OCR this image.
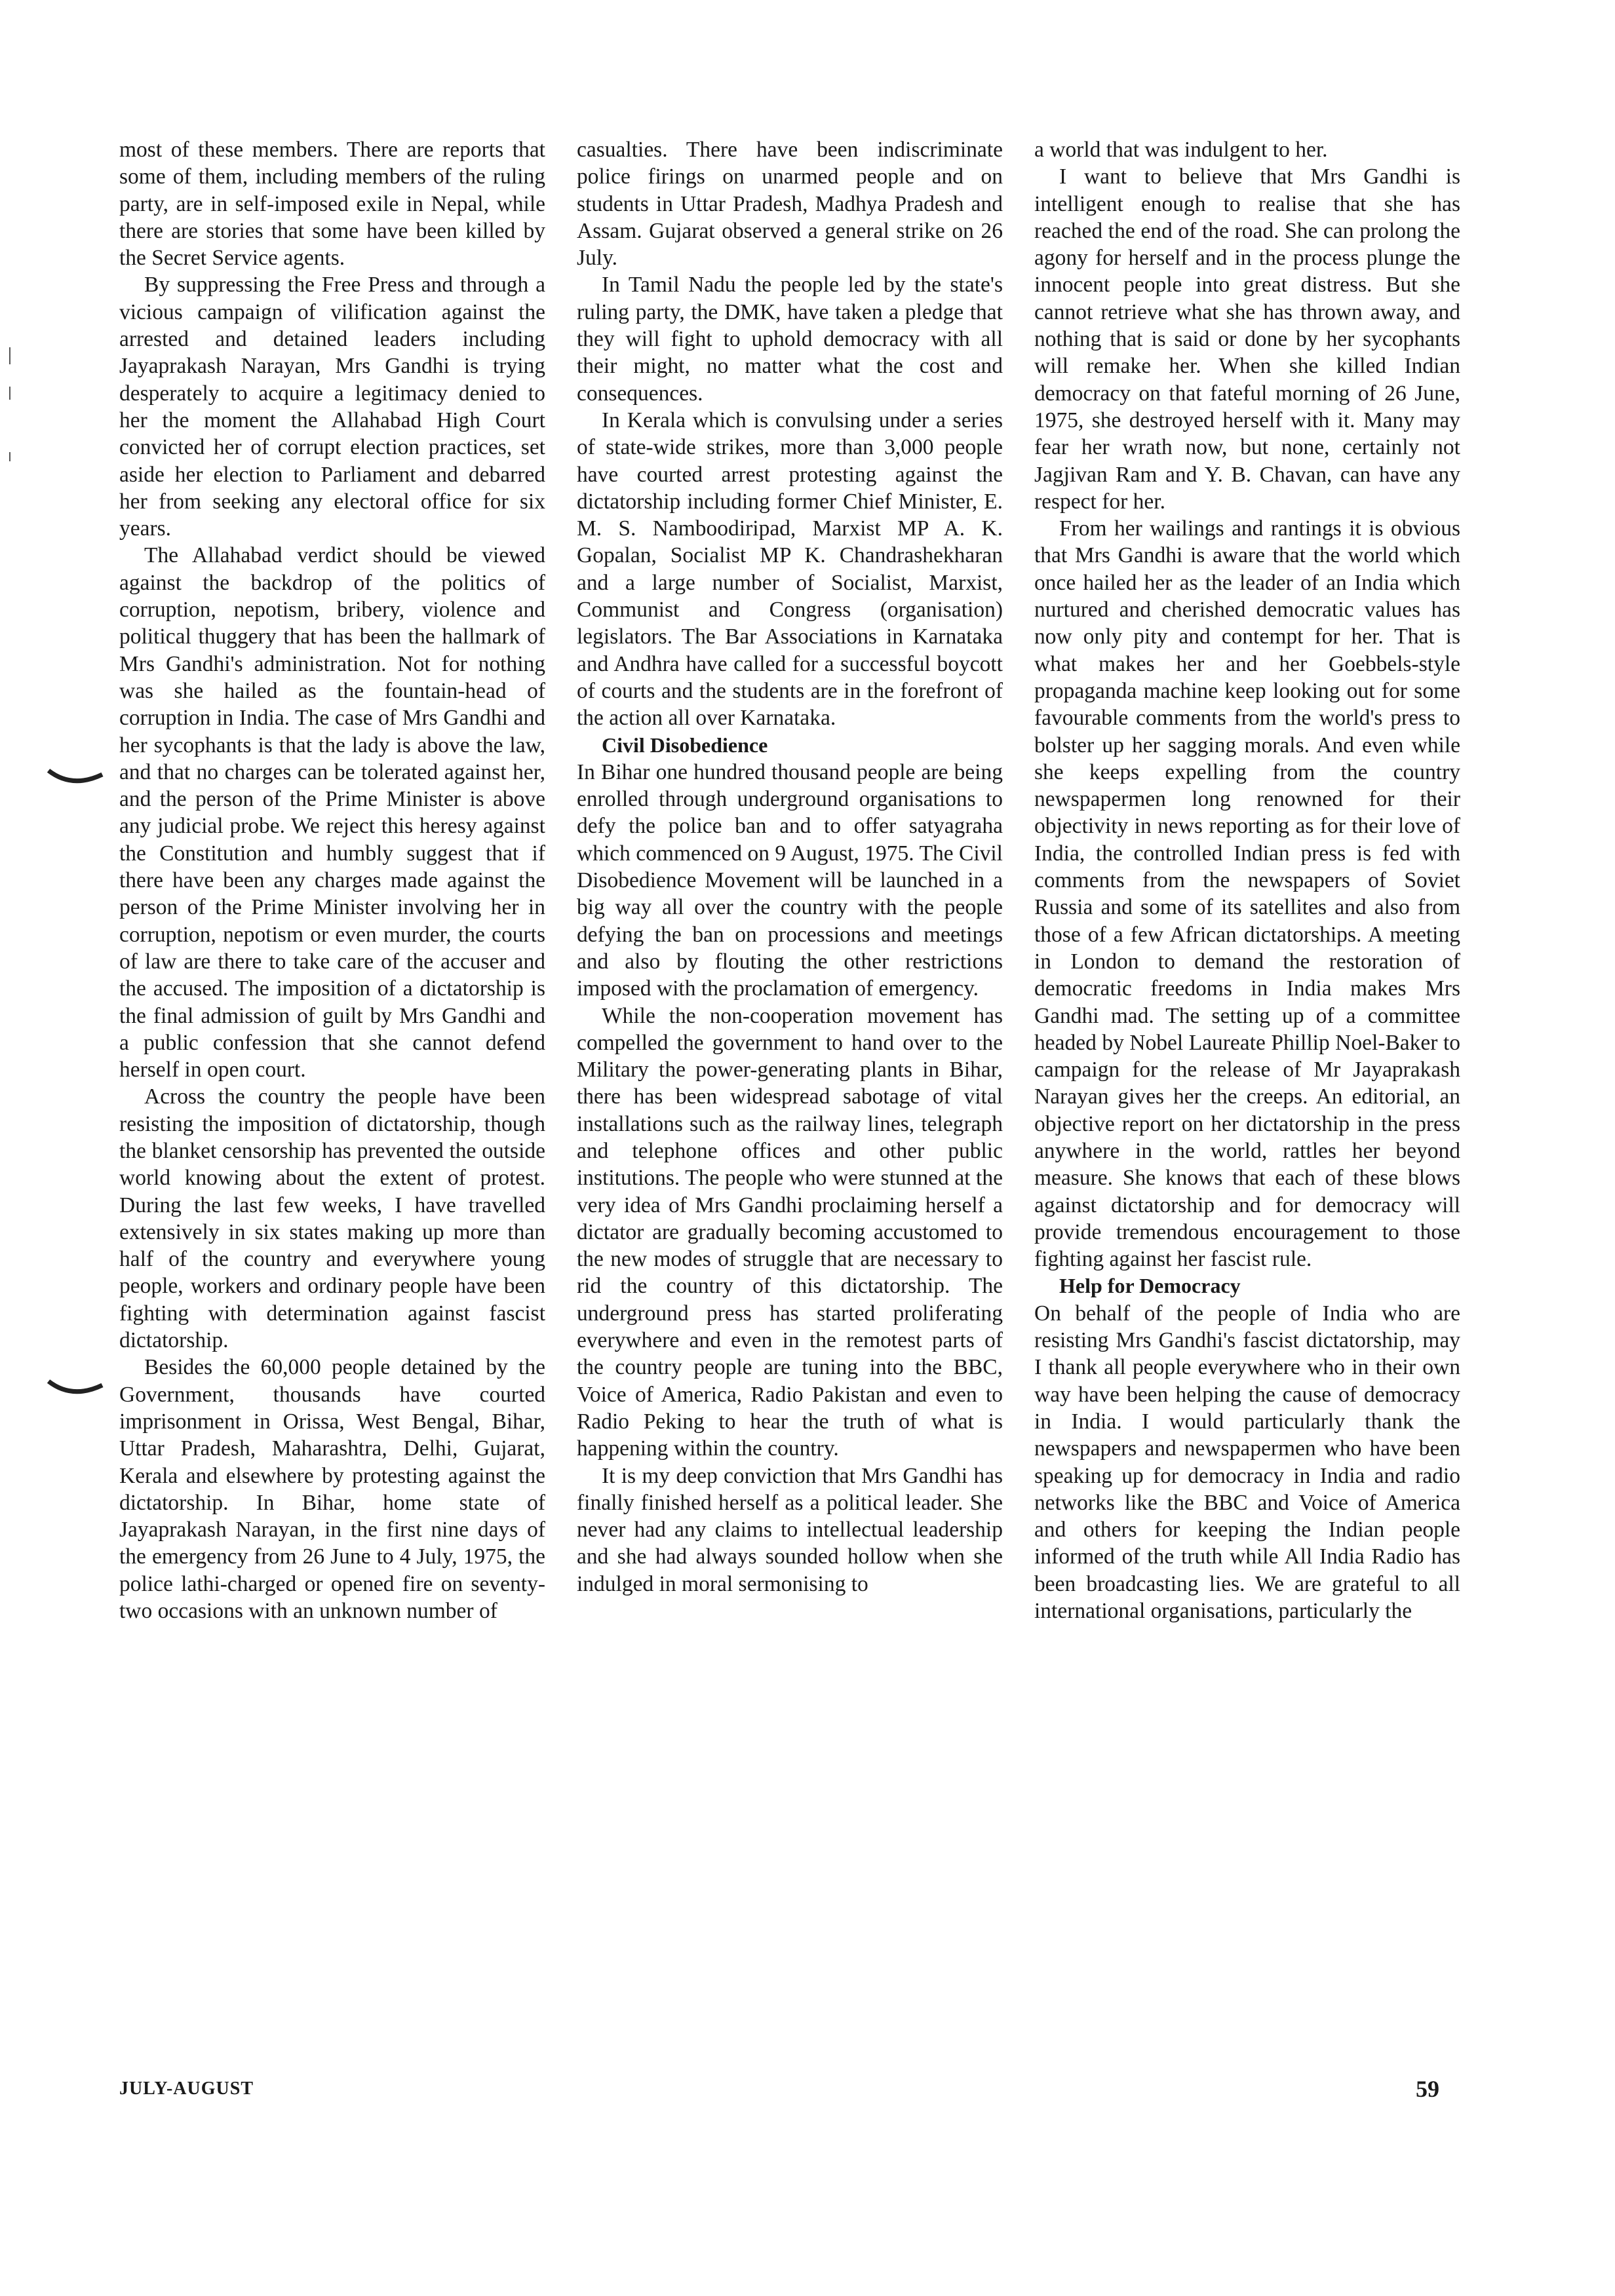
most of these members. There are reports that some of them, including members of the ruling party, are in self-imposed exile in Nepal, while there are stories that some have been killed by the Secret Service agents.

By suppressing the Free Press and through a vicious campaign of vilification against the arrested and detained leaders including Jayaprakash Narayan, Mrs Gandhi is trying desperately to acquire a legitimacy denied to her the moment the Allahabad High Court convicted her of corrupt election practices, set aside her election to Parliament and debarred her from seeking any electoral office for six years.

The Allahabad verdict should be viewed against the backdrop of the politics of corruption, nepotism, bribery, violence and political thuggery that has been the hallmark of Mrs Gandhi's administration. Not for nothing was she hailed as the fountain-head of corruption in India. The case of Mrs Gandhi and her sycophants is that the lady is above the law, and that no charges can be tolerated against her, and the person of the Prime Minister is above any judicial probe. We reject this heresy against the Constitution and humbly suggest that if there have been any charges made against the person of the Prime Minister involving her in corruption, nepotism or even murder, the courts of law are there to take care of the accuser and the accused. The imposition of a dictatorship is the final admission of guilt by Mrs Gandhi and a public confession that she cannot defend herself in open court.

Across the country the people have been resisting the imposition of dictatorship, though the blanket censorship has prevented the outside world knowing about the extent of protest. During the last few weeks, I have travelled extensively in six states making up more than half of the country and everywhere young people, workers and ordinary people have been fighting with determination against fascist dictatorship.

Besides the 60,000 people detained by the Government, thousands have courted imprisonment in Orissa, West Bengal, Bihar, Uttar Pradesh, Maharashtra, Delhi, Gujarat, Kerala and elsewhere by protesting against the dictatorship. In Bihar, home state of Jayaprakash Narayan, in the first nine days of the emergency from 26 June to 4 July, 1975, the police lathi-charged or opened fire on seventy-two occasions with an unknown number of

casualties. There have been indiscriminate police firings on unarmed people and on students in Uttar Pradesh, Madhya Pradesh and Assam. Gujarat observed a general strike on 26 July.

In Tamil Nadu the people led by the state's ruling party, the DMK, have taken a pledge that they will fight to uphold democracy with all their might, no matter what the cost and consequences.

In Kerala which is convulsing under a series of state-wide strikes, more than 3,000 people have courted arrest protesting against the dictatorship including former Chief Minister, E. M. S. Namboodiripad, Marxist MP A. K. Gopalan, Socialist MP K. Chandrashekharan and a large number of Socialist, Marxist, Communist and Congress (organisation) legislators. The Bar Associations in Karnataka and Andhra have called for a successful boycott of courts and the students are in the forefront of the action all over Karnataka.

Civil Disobedience

In Bihar one hundred thousand people are being enrolled through underground organisations to defy the police ban and to offer satyagraha which commenced on 9 August, 1975. The Civil Disobedience Movement will be launched in a big way all over the country with the people defying the ban on processions and meetings and also by flouting the other restrictions imposed with the proclamation of emergency.

While the non-cooperation movement has compelled the government to hand over to the Military the power-generating plants in Bihar, there has been widespread sabotage of vital installations such as the railway lines, telegraph and telephone offices and other public institutions. The people who were stunned at the very idea of Mrs Gandhi proclaiming herself a dictator are gradually becoming accustomed to the new modes of struggle that are necessary to rid the country of this dictatorship. The underground press has started proliferating everywhere and even in the remotest parts of the country people are tuning into the BBC, Voice of America, Radio Pakistan and even to Radio Peking to hear the truth of what is happening within the country.

It is my deep conviction that Mrs Gandhi has finally finished herself as a political leader. She never had any claims to intellectual leadership and she had always sounded hollow when she indulged in moral sermonising to

a world that was indulgent to her.

I want to believe that Mrs Gandhi is intelligent enough to realise that she has reached the end of the road. She can prolong the agony for herself and in the process plunge the innocent people into great distress. But she cannot retrieve what she has thrown away, and nothing that is said or done by her sycophants will remake her. When she killed Indian democracy on that fateful morning of 26 June, 1975, she destroyed herself with it. Many may fear her wrath now, but none, certainly not Jagjivan Ram and Y. B. Chavan, can have any respect for her.

From her wailings and rantings it is obvious that Mrs Gandhi is aware that the world which once hailed her as the leader of an India which nurtured and cherished democratic values has now only pity and contempt for her. That is what makes her and her Goebbels-style propaganda machine keep looking out for some favourable comments from the world's press to bolster up her sagging morals. And even while she keeps expelling from the country newspapermen long renowned for their objectivity in news reporting as for their love of India, the controlled Indian press is fed with comments from the newspapers of Soviet Russia and some of its satellites and also from those of a few African dictatorships. A meeting in London to demand the restoration of democratic freedoms in India makes Mrs Gandhi mad. The setting up of a committee headed by Nobel Laureate Phillip Noel-Baker to campaign for the release of Mr Jayaprakash Narayan gives her the creeps. An editorial, an objective report on her dictatorship in the press anywhere in the world, rattles her beyond measure. She knows that each of these blows against dictatorship and for democracy will provide tremendous encouragement to those fighting against her fascist rule.

Help for Democracy

On behalf of the people of India who are resisting Mrs Gandhi's fascist dictatorship, may I thank all people everywhere who in their own way have been helping the cause of democracy in India. I would particularly thank the newspapers and newspapermen who have been speaking up for democracy in India and radio networks like the BBC and Voice of America and others for keeping the Indian people informed of the truth while All India Radio has been broadcasting lies. We are grateful to all international organisations, particularly the

JULY-AUGUST	59
